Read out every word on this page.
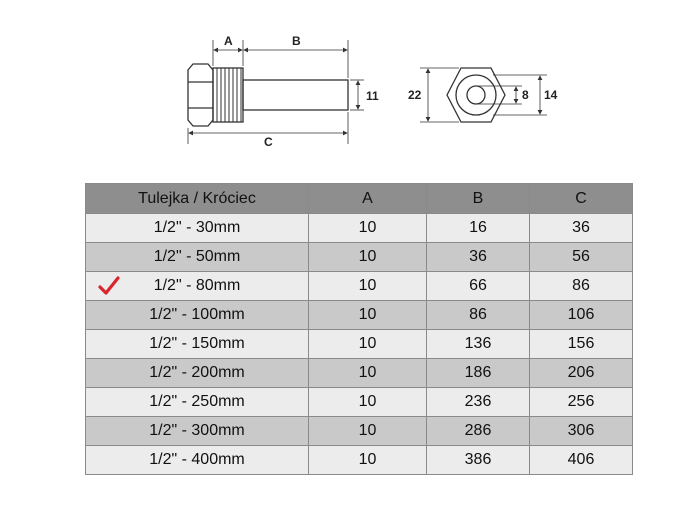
A	B
C
11 22	8 14
Tulejka / Króciec	A	B	C

1/2" - 30mm	10	16	36

1/2" - 50mm	10	36	56

1/2" - 80mm	10	66	86

1/2" - 100mm	10	86	106

1/2" - 150mm	10	136	156

1/2" - 200mm	10	186	206

1/2" - 250mm	10	236	256

1/2" - 300mm	10	286	306

1/2" - 400mm	10	386	406
